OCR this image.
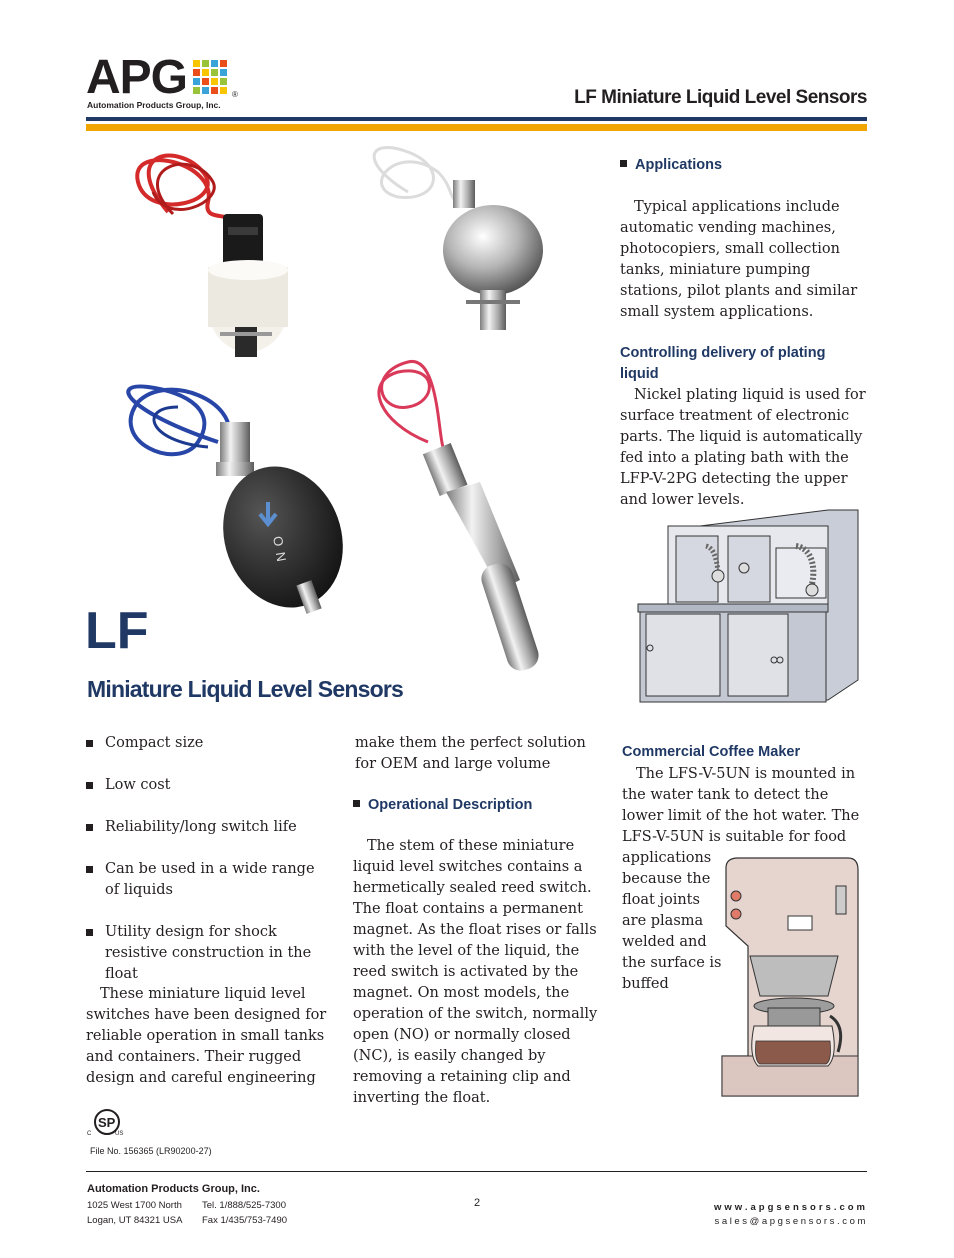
APG	®
Automation Products Group, Inc.	LF Miniature Liquid Level Sensors
ON
LF
Miniature Liquid Level Sensors
Compact size
Low cost
Reliability/long switch life
Can be used in a wide range of liquids
Utility design for shock resistive construction in the float

These miniature liquid level switches have been designed for reliable operation in small tanks and containers. Their rugged design and careful engineering

make them the perfect solution for OEM and large volume

Operational Description
The stem of these miniature liquid level switches contains a hermetically sealed reed switch. The float contains a permanent magnet. As the float rises or falls with the level of the liquid, the reed switch is activated by the magnet. On most models, the operation of the switch, normally open (NO) or normally closed (NC), is easily changed by removing a retaining clip and inverting the float.
Applications
Typical applications include automatic vending machines, photocopiers, small collection tanks, miniature pumping stations, pilot plants and similar small system applications.
Controlling delivery of plating liquid
Nickel plating liquid is used for surface treatment of electronic parts. The liquid is automatically fed into a plating bath with the LFP-V-2PG detecting the upper and lower levels.
Commercial Coffee Maker

The LFS-V-5UN is mounted in the water tank to detect the lower limit of the hot water. The LFS-V-5UN is suitable for food

applications
because the
float joints
are plasma
welded and
the surface is
buffed
SP
C	US
File No. 156365 (LR90200-27)
Automation Products Group, Inc.
1025 West 1700 North
Logan, UT 84321 USA
Tel. 1/888/525-7300
Fax 1/435/753-7490
2	www.apgsensors.com
sales@apgsensors.com
